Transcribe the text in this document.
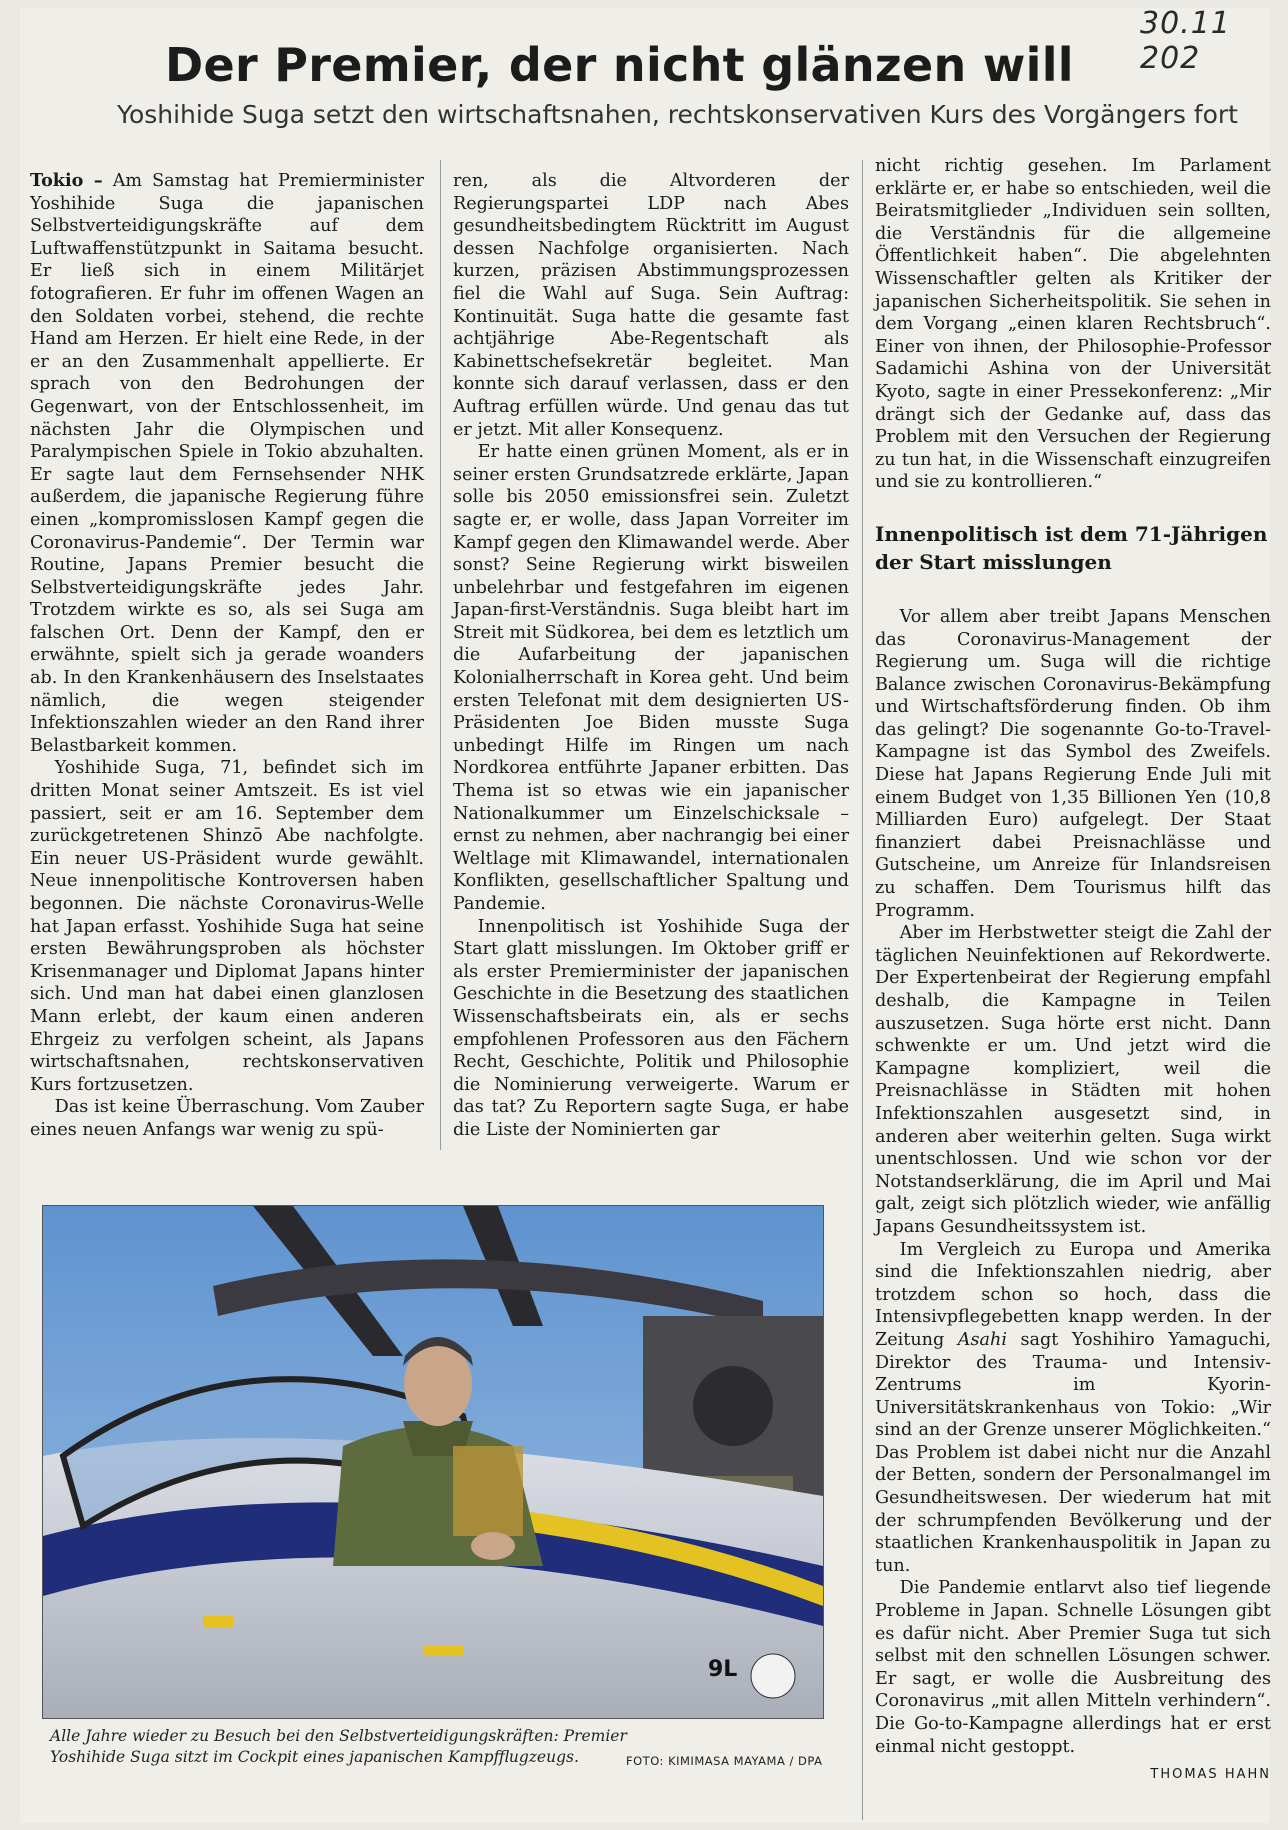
30.11 202
Der Premier, der nicht glänzen will
Yoshihide Suga setzt den wirtschaftsnahen, rechtskonservativen Kurs des Vorgängers fort

Tokio – Am Samstag hat Premierminister Yoshihide Suga die japanischen Selbstverteidigungskräfte auf dem Luftwaffenstützpunkt in Saitama besucht. Er ließ sich in einem Militärjet fotografieren. Er fuhr im offenen Wagen an den Soldaten vorbei, stehend, die rechte Hand am Herzen. Er hielt eine Rede, in der er an den Zusammenhalt appellierte. Er sprach von den Bedrohungen der Gegenwart, von der Entschlossenheit, im nächsten Jahr die Olympischen und Paralympischen Spiele in Tokio abzuhalten. Er sagte laut dem Fernsehsender NHK außerdem, die japanische Regierung führe einen „kompromisslosen Kampf gegen die Coronavirus-Pandemie“. Der Termin war Routine, Japans Premier besucht die Selbstverteidigungskräfte jedes Jahr. Trotzdem wirkte es so, als sei Suga am falschen Ort. Denn der Kampf, den er erwähnte, spielt sich ja gerade woanders ab. In den Krankenhäusern des Inselstaates nämlich, die wegen steigender Infektionszahlen wieder an den Rand ihrer Belastbarkeit kommen.

Yoshihide Suga, 71, befindet sich im dritten Monat seiner Amtszeit. Es ist viel passiert, seit er am 16. September dem zurückgetretenen Shinzō Abe nachfolgte. Ein neuer US-Präsident wurde gewählt. Neue innenpolitische Kontroversen haben begonnen. Die nächste Coronavirus-Welle hat Japan erfasst. Yoshihide Suga hat seine ersten Bewährungsproben als höchster Krisenmanager und Diplomat Japans hinter sich. Und man hat dabei einen glanzlosen Mann erlebt, der kaum einen anderen Ehrgeiz zu verfolgen scheint, als Japans wirtschaftsnahen, rechtskonservativen Kurs fortzusetzen.

Das ist keine Überraschung. Vom Zauber eines neuen Anfangs war wenig zu spü-

ren, als die Altvorderen der Regierungspartei LDP nach Abes gesundheitsbedingtem Rücktritt im August dessen Nachfolge organisierten. Nach kurzen, präzisen Abstimmungsprozessen fiel die Wahl auf Suga. Sein Auftrag: Kontinuität. Suga hatte die gesamte fast achtjährige Abe-Regentschaft als Kabinettschefsekretär begleitet. Man konnte sich darauf verlassen, dass er den Auftrag erfüllen würde. Und genau das tut er jetzt. Mit aller Konsequenz.

Er hatte einen grünen Moment, als er in seiner ersten Grundsatzrede erklärte, Japan solle bis 2050 emissionsfrei sein. Zuletzt sagte er, er wolle, dass Japan Vorreiter im Kampf gegen den Klimawandel werde. Aber sonst? Seine Regierung wirkt bisweilen unbelehrbar und festgefahren im eigenen Japan-first-Verständnis. Suga bleibt hart im Streit mit Südkorea, bei dem es letztlich um die Aufarbeitung der japanischen Kolonialherrschaft in Korea geht. Und beim ersten Telefonat mit dem designierten US-Präsidenten Joe Biden musste Suga unbedingt Hilfe im Ringen um nach Nordkorea entführte Japaner erbitten. Das Thema ist so etwas wie ein japanischer Nationalkummer um Einzelschicksale – ernst zu nehmen, aber nachrangig bei einer Weltlage mit Klimawandel, internationalen Konflikten, gesellschaftlicher Spaltung und Pandemie.

Innenpolitisch ist Yoshihide Suga der Start glatt misslungen. Im Oktober griff er als erster Premierminister der japanischen Geschichte in die Besetzung des staatlichen Wissenschaftsbeirats ein, als er sechs empfohlenen Professoren aus den Fächern Recht, Geschichte, Politik und Philosophie die Nominierung verweigerte. Warum er das tat? Zu Reportern sagte Suga, er habe die Liste der Nominierten gar

nicht richtig gesehen. Im Parlament erklärte er, er habe so entschieden, weil die Beiratsmitglieder „Individuen sein sollten, die Verständnis für die allgemeine Öffentlichkeit haben“. Die abgelehnten Wissenschaftler gelten als Kritiker der japanischen Sicherheitspolitik. Sie sehen in dem Vorgang „einen klaren Rechtsbruch“. Einer von ihnen, der Philosophie-Professor Sadamichi Ashina von der Universität Kyoto, sagte in einer Pressekonferenz: „Mir drängt sich der Gedanke auf, dass das Problem mit den Versuchen der Regierung zu tun hat, in die Wissenschaft einzugreifen und sie zu kontrollieren.“

Innenpolitisch ist dem 71-Jährigen der Start misslungen

Vor allem aber treibt Japans Menschen das Coronavirus-Management der Regierung um. Suga will die richtige Balance zwischen Coronavirus-Bekämpfung und Wirtschaftsförderung finden. Ob ihm das gelingt? Die sogenannte Go-to-Travel-Kampagne ist das Symbol des Zweifels. Diese hat Japans Regierung Ende Juli mit einem Budget von 1,35 Billionen Yen (10,8 Milliarden Euro) aufgelegt. Der Staat finanziert dabei Preisnachlässe und Gutscheine, um Anreize für Inlandsreisen zu schaffen. Dem Tourismus hilft das Programm.

Aber im Herbstwetter steigt die Zahl der täglichen Neuinfektionen auf Rekordwerte. Der Expertenbeirat der Regierung empfahl deshalb, die Kampagne in Teilen auszusetzen. Suga hörte erst nicht. Dann schwenkte er um. Und jetzt wird die Kampagne kompliziert, weil die Preisnachlässe in Städten mit hohen Infektionszahlen ausgesetzt sind, in anderen aber weiterhin gelten. Suga wirkt unentschlossen. Und wie schon vor der Notstandserklärung, die im April und Mai galt, zeigt sich plötzlich wieder, wie anfällig Japans Gesundheitssystem ist.

Im Vergleich zu Europa und Amerika sind die Infektionszahlen niedrig, aber trotzdem schon so hoch, dass die Intensivpflegebetten knapp werden. In der Zeitung Asahi sagt Yoshihiro Yamaguchi, Direktor des Trauma- und Intensiv-Zentrums im Kyorin-Universitätskrankenhaus von Tokio: „Wir sind an der Grenze unserer Möglichkeiten.“ Das Problem ist dabei nicht nur die Anzahl der Betten, sondern der Personalmangel im Gesundheitswesen. Der wiederum hat mit der schrumpfenden Bevölkerung und der staatlichen Krankenhauspolitik in Japan zu tun.

Die Pandemie entlarvt also tief liegende Probleme in Japan. Schnelle Lösungen gibt es dafür nicht. Aber Premier Suga tut sich selbst mit den schnellen Lösungen schwer. Er sagt, er wolle die Ausbreitung des Coronavirus „mit allen Mitteln verhindern“. Die Go-to-Kampagne allerdings hat er erst einmal nicht gestoppt.

THOMAS HAHN
9L
Alle Jahre wieder zu Besuch bei den Selbstverteidigungskräften: Premier Yoshihide Suga sitzt im Cockpit eines japanischen Kampfflugzeugs.	FOTO: KIMIMASA MAYAMA / DPA
